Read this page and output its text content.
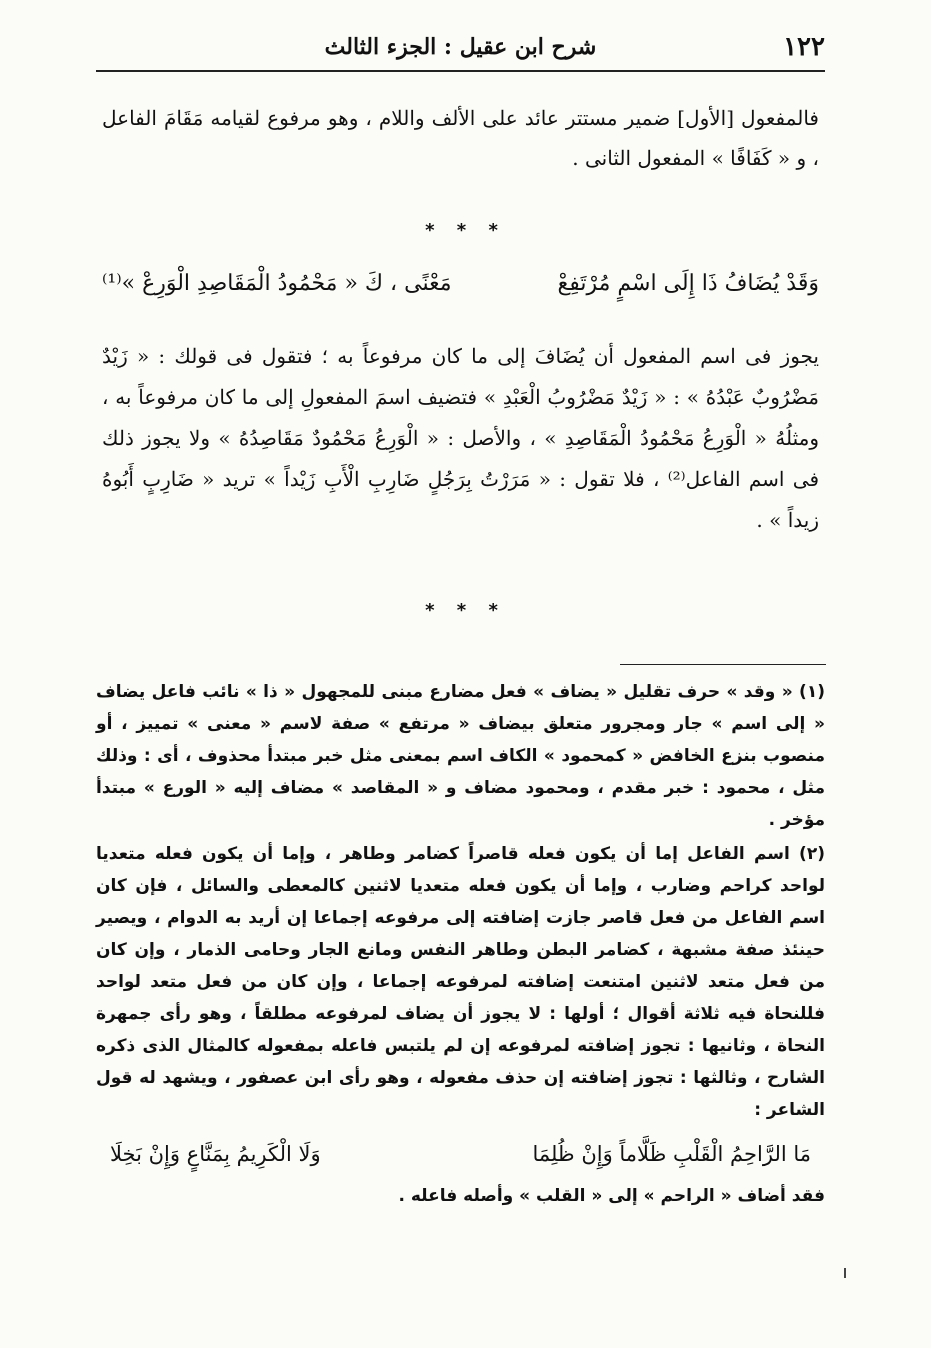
١٢٢
شرح ابن عقيل : الجزء الثالث
فالمفعول [الأول] ضمير مستتر عائد على الألف واللام ، وهو مرفوع لقيامه مَقَامَ الفاعل ، و « كَفَافًا » المفعول الثانى .
* * *
وَقَدْ يُضَافُ ذَا إِلَى اسْمٍ مُرْتَفِعْ
مَعْنًى ، كَ « مَحْمُودُ الْمَقَاصِدِ الْوَرِعْ »⁽¹⁾
يجوز فى اسم المفعول أن يُضَافَ إلى ما كان مرفوعاً به ؛ فتقول فى قولك : « زَيْدٌ مَضْرُوبٌ عَبْدُهُ » : « زَيْدٌ مَضْرُوبُ الْعَبْدِ » فتضيف اسمَ المفعولِ إلى ما كان مرفوعاً به ، ومثلُهُ « الْوَرِعُ مَحْمُودُ الْمَقَاصِدِ » ، والأصل : « الْوَرِعُ مَحْمُودٌ مَقَاصِدُهُ » ولا يجوز ذلك فى اسم الفاعل⁽²⁾ ، فلا تقول : « مَرَرْتُ بِرَجُلٍ ضَارِبِ الْأَبِ زَيْداً » تريد « ضَارِبٍ أَبُوهُ زيداً » .
* * *

(١) « وقد » حرف تقليل « يضاف » فعل مضارع مبنى للمجهول « ذا » نائب فاعل يضاف « إلى اسم » جار ومجرور متعلق بيضاف « مرتفع » صفة لاسم « معنى » تمييز ، أو منصوب بنزع الخافض « كمحمود » الكاف اسم بمعنى مثل خبر مبتدأ محذوف ، أى : وذلك مثل ، محمود : خبر مقدم ، ومحمود مضاف و « المقاصد » مضاف إليه « الورع » مبتدأ مؤخر .

(٢) اسم الفاعل إما أن يكون فعله قاصراً كضامر وطاهر ، وإما أن يكون فعله متعديا لواحد كراحم وضارب ، وإما أن يكون فعله متعديا لاثنين كالمعطى والسائل ، فإن كان اسم الفاعل من فعل قاصر جازت إضافته إلى مرفوعه إجماعا إن أريد به الدوام ، ويصير حينئذ صفة مشبهة ، كضامر البطن وطاهر النفس ومانع الجار وحامى الذمار ، وإن كان من فعل متعد لاثنين امتنعت إضافته لمرفوعه إجماعا ، وإن كان من فعل متعد لواحد فللنحاة فيه ثلاثة أقوال ؛ أولها : لا يجوز أن يضاف لمرفوعه مطلقاً ، وهو رأى جمهرة النحاة ، وثانيها : تجوز إضافته لمرفوعه إن لم يلتبس فاعله بمفعوله كالمثال الذى ذكره الشارح ، وثالثها : تجوز إضافته إن حذف مفعوله ، وهو رأى ابن عصفور ، ويشهد له قول الشاعر :

مَا الرَّاحِمُ الْقَلْبِ ظَلَّاماً وَإِنْ ظُلِمَا
وَلَا الْكَرِيمُ بِمَنَّاعٍ وَإِنْ بَخِلَا

فقد أضاف « الراحم » إلى « القلب » وأصله فاعله .
